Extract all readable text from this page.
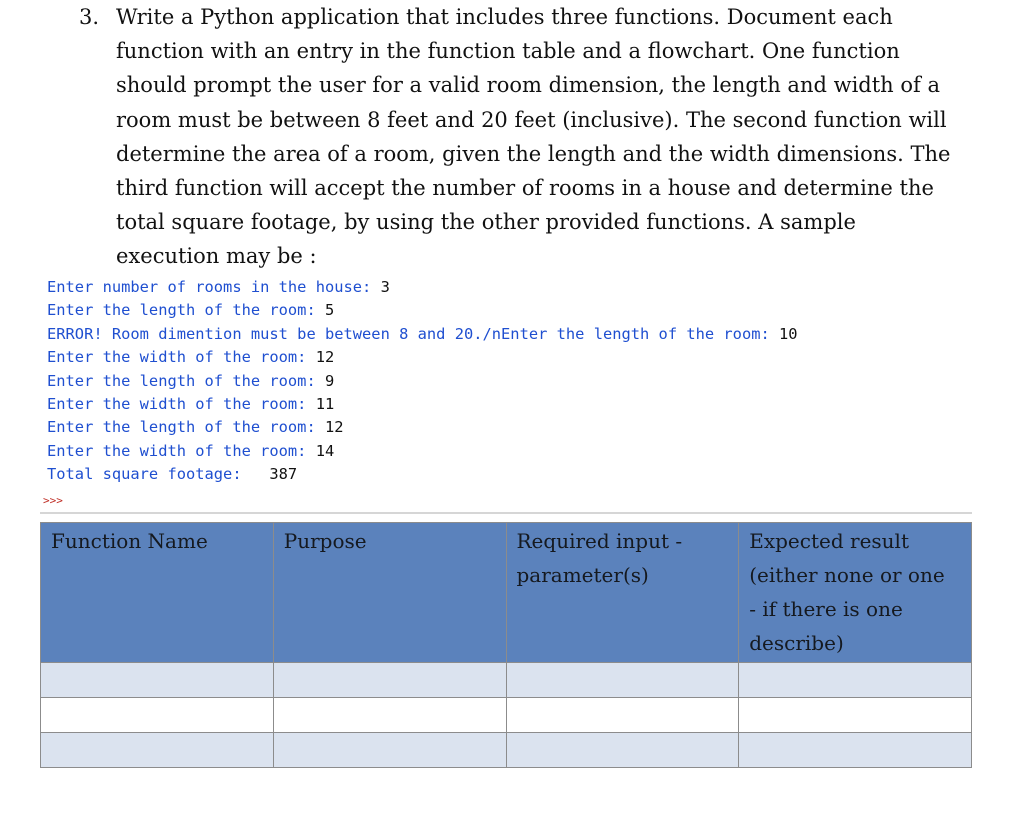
3. Write a Python application that includes three functions. Document each
function with an entry in the function table and a flowchart. One function
should prompt the user for a valid room dimension, the length and width of a
room must be between 8 feet and 20 feet (inclusive). The second function will
determine the area of a room, given the length and the width dimensions. The
third function will accept the number of rooms in a house and determine the
total square footage, by using the other provided functions. A sample
execution may be :
Enter number of rooms in the house: 3
Enter the length of the room: 5
ERROR! Room dimention must be between 8 and 20./nEnter the length of the room: 10
Enter the width of the room: 12
Enter the length of the room: 9
Enter the width of the room: 11
Enter the length of the room: 12
Enter the width of the room: 14
Total square footage:   387
>>>
Function Name	Purpose	Required input -
parameter(s)	Expected result
(either none or one
- if there is one
describe)
